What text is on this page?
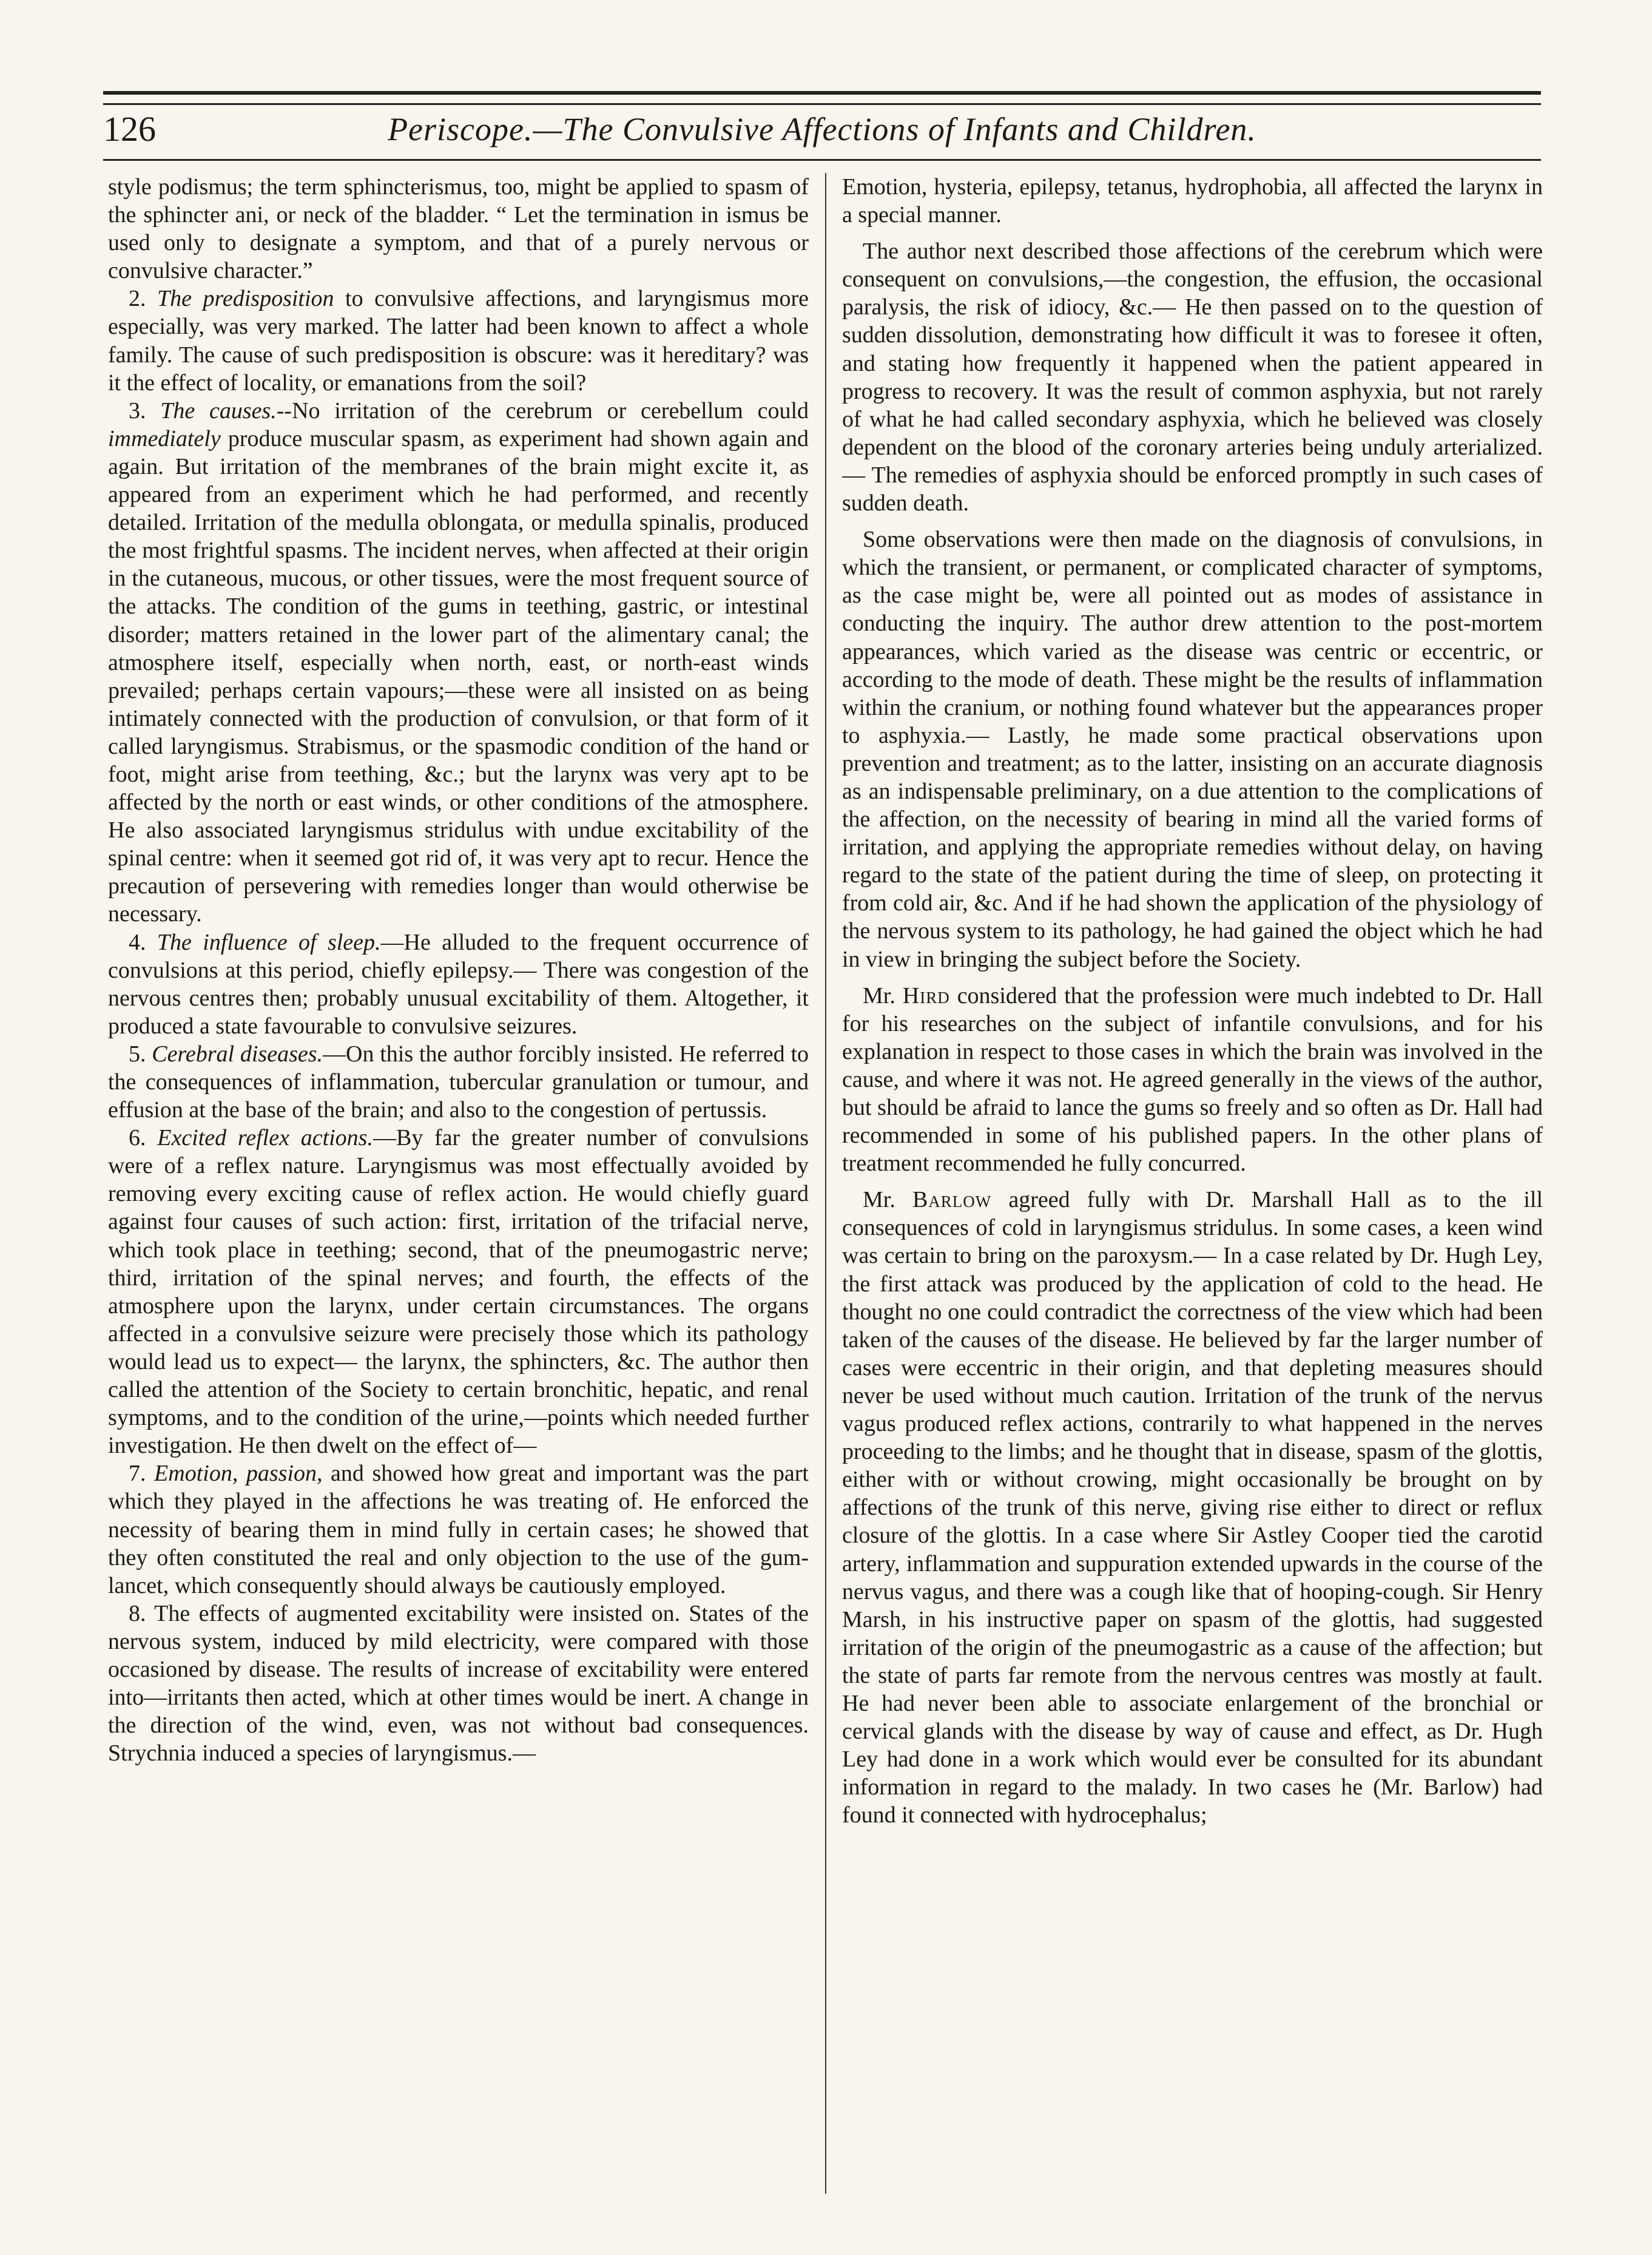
126	Periscope.—The Convulsive Affections of Infants and Children.

style podismus; the term sphincterismus, too, might be applied to spasm of the sphincter ani, or neck of the bladder. “ Let the termination in ismus be used only to designate a symptom, and that of a purely nervous or convulsive character.”

2. The predisposition to convulsive affections, and laryngismus more especially, was very marked. The latter had been known to affect a whole family. The cause of such predisposition is obscure: was it hereditary? was it the effect of locality, or emanations from the soil?

3. The causes.--No irritation of the cerebrum or cerebellum could immediately produce muscular spasm, as experiment had shown again and again. But irritation of the membranes of the brain might excite it, as appeared from an experiment which he had performed, and recently detailed. Irritation of the medulla oblongata, or medulla spinalis, produced the most frightful spasms. The incident nerves, when affected at their origin in the cutaneous, mucous, or other tissues, were the most frequent source of the attacks. The condition of the gums in teething, gastric, or intestinal disorder; matters retained in the lower part of the alimentary canal; the atmosphere itself, especially when north, east, or north-east winds prevailed; perhaps certain vapours;—these were all insisted on as being intimately connected with the production of convulsion, or that form of it called laryngismus. Strabismus, or the spasmodic condition of the hand or foot, might arise from teething, &c.; but the larynx was very apt to be affected by the north or east winds, or other conditions of the atmosphere. He also associated laryngismus stridulus with undue excitability of the spinal centre: when it seemed got rid of, it was very apt to recur. Hence the precaution of persevering with remedies longer than would otherwise be necessary.

4. The influence of sleep.—He alluded to the frequent occurrence of convulsions at this period, chiefly epilepsy.— There was congestion of the nervous centres then; probably unusual excitability of them. Altogether, it produced a state favourable to convulsive seizures.

5. Cerebral diseases.—On this the author forcibly insisted. He referred to the consequences of inflammation, tubercular granulation or tumour, and effusion at the base of the brain; and also to the congestion of pertussis.

6. Excited reflex actions.—By far the greater number of convulsions were of a reflex nature. Laryngismus was most effectually avoided by removing every exciting cause of reflex action. He would chiefly guard against four causes of such action: first, irritation of the trifacial nerve, which took place in teething; second, that of the pneumogastric nerve; third, irritation of the spinal nerves; and fourth, the effects of the atmosphere upon the larynx, under certain circumstances. The organs affected in a convulsive seizure were precisely those which its pathology would lead us to expect— the larynx, the sphincters, &c. The author then called the attention of the Society to certain bronchitic, hepatic, and renal symptoms, and to the condition of the urine,—points which needed further investigation. He then dwelt on the effect of—

7. Emotion, passion, and showed how great and important was the part which they played in the affections he was treating of. He enforced the necessity of bearing them in mind fully in certain cases; he showed that they often constituted the real and only objection to the use of the gum-lancet, which consequently should always be cautiously employed.

8. The effects of augmented excitability were insisted on. States of the nervous system, induced by mild electricity, were compared with those occasioned by disease. The results of increase of excitability were entered into—irritants then acted, which at other times would be inert. A change in the direction of the wind, even, was not without bad consequences. Strychnia induced a species of laryngismus.—

Emotion, hysteria, epilepsy, tetanus, hydrophobia, all affected the larynx in a special manner.

The author next described those affections of the cerebrum which were consequent on convulsions,—the congestion, the effusion, the occasional paralysis, the risk of idiocy, &c.— He then passed on to the question of sudden dissolution, demonstrating how difficult it was to foresee it often, and stating how frequently it happened when the patient appeared in progress to recovery. It was the result of common asphyxia, but not rarely of what he had called secondary asphyxia, which he believed was closely dependent on the blood of the coronary arteries being unduly arterialized.— The remedies of asphyxia should be enforced promptly in such cases of sudden death.

Some observations were then made on the diagnosis of convulsions, in which the transient, or permanent, or complicated character of symptoms, as the case might be, were all pointed out as modes of assistance in conducting the inquiry. The author drew attention to the post-mortem appearances, which varied as the disease was centric or eccentric, or according to the mode of death. These might be the results of inflammation within the cranium, or nothing found whatever but the appearances proper to asphyxia.— Lastly, he made some practical observations upon prevention and treatment; as to the latter, insisting on an accurate diagnosis as an indispensable preliminary, on a due attention to the complications of the affection, on the necessity of bearing in mind all the varied forms of irritation, and applying the appropriate remedies without delay, on having regard to the state of the patient during the time of sleep, on protecting it from cold air, &c. And if he had shown the application of the physiology of the nervous system to its pathology, he had gained the object which he had in view in bringing the subject before the Society.

Mr. Hird considered that the profession were much indebted to Dr. Hall for his researches on the subject of infantile convulsions, and for his explanation in respect to those cases in which the brain was involved in the cause, and where it was not. He agreed generally in the views of the author, but should be afraid to lance the gums so freely and so often as Dr. Hall had recommended in some of his published papers. In the other plans of treatment recommended he fully concurred.

Mr. Barlow agreed fully with Dr. Marshall Hall as to the ill consequences of cold in laryngismus stridulus. In some cases, a keen wind was certain to bring on the paroxysm.— In a case related by Dr. Hugh Ley, the first attack was produced by the application of cold to the head. He thought no one could contradict the correctness of the view which had been taken of the causes of the disease. He believed by far the larger number of cases were eccentric in their origin, and that depleting measures should never be used without much caution. Irritation of the trunk of the nervus vagus produced reflex actions, contrarily to what happened in the nerves proceeding to the limbs; and he thought that in disease, spasm of the glottis, either with or without crowing, might occasionally be brought on by affections of the trunk of this nerve, giving rise either to direct or reflux closure of the glottis. In a case where Sir Astley Cooper tied the carotid artery, inflammation and suppuration extended upwards in the course of the nervus vagus, and there was a cough like that of hooping-cough. Sir Henry Marsh, in his instructive paper on spasm of the glottis, had suggested irritation of the origin of the pneumogastric as a cause of the affection; but the state of parts far remote from the nervous centres was mostly at fault. He had never been able to associate enlargement of the bronchial or cervical glands with the disease by way of cause and effect, as Dr. Hugh Ley had done in a work which would ever be consulted for its abundant information in regard to the malady. In two cases he (Mr. Barlow) had found it connected with hydrocephalus;
